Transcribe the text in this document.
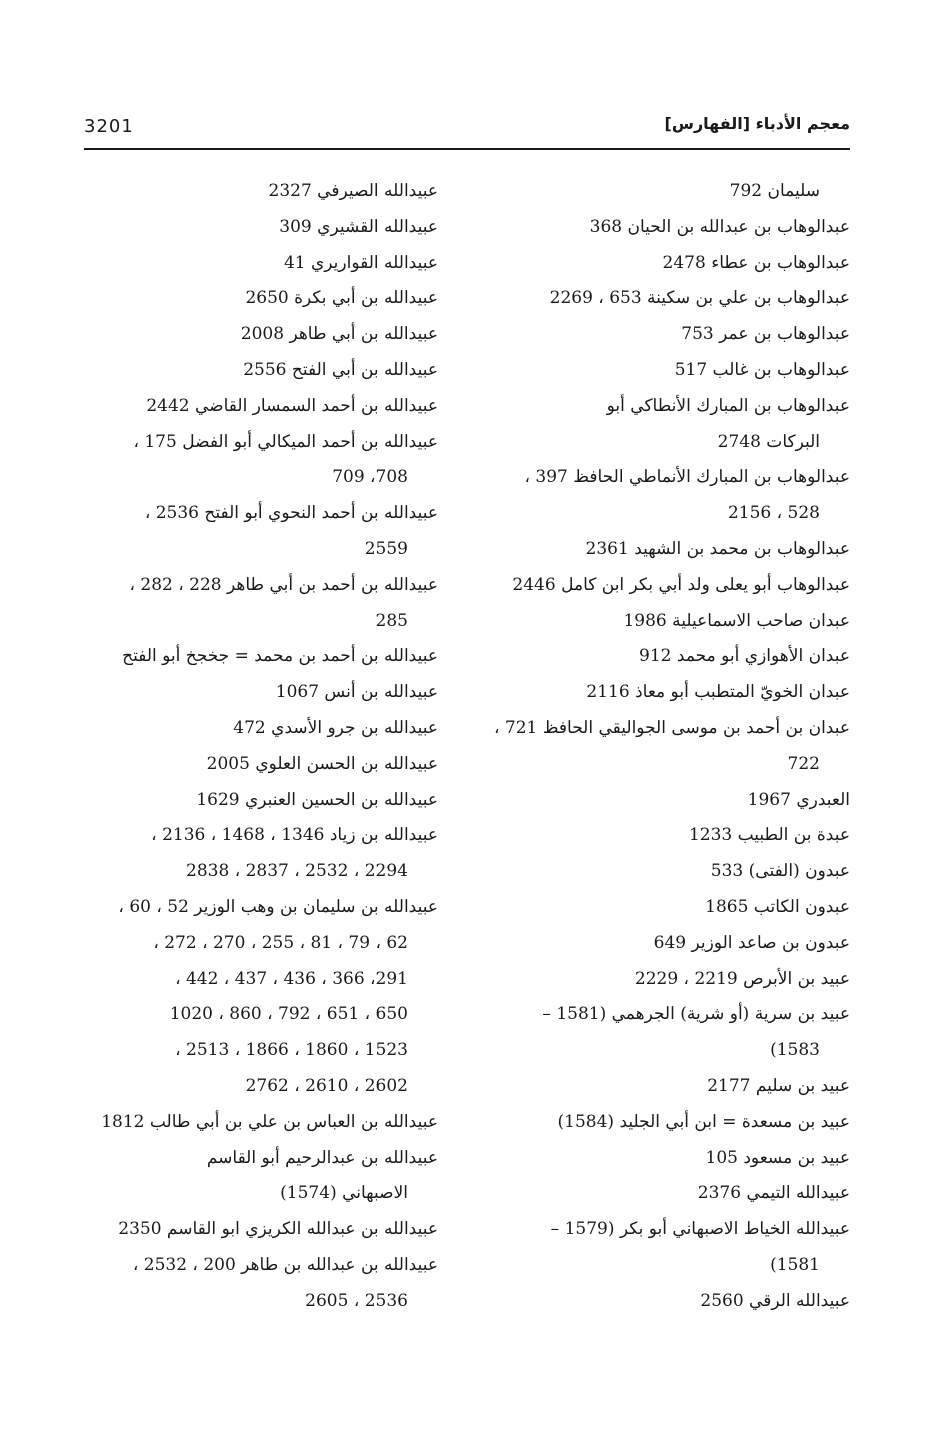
3201	معجم الأدباء [الفهارس]
سليمان 792
عبدالوهاب بن عبدالله بن الحيان 368
عبدالوهاب بن عطاء 2478
عبدالوهاب بن علي بن سكينة 653 ، 2269
عبدالوهاب بن عمر 753
عبدالوهاب بن غالب 517
عبدالوهاب بن المبارك الأنطاكي أبو
البركات 2748
عبدالوهاب بن المبارك الأنماطي الحافظ 397 ،
528 ، 2156
عبدالوهاب بن محمد بن الشهيد 2361
عبدالوهاب أبو يعلى ولد أبي بكر ابن كامل 2446
عبدان صاحب الاسماعيلية 1986
عبدان الأهوازي أبو محمد 912
عبدان الخويّ المتطبب أبو معاذ 2116
عبدان بن أحمد بن موسى الجواليقي الحافظ 721 ،
722
العبدري 1967
عبدة بن الطبيب 1233
عبدون (الفتى) 533
عبدون الكاتب 1865
عبدون بن صاعد الوزير 649
عبيد بن الأبرص 2219 ، 2229
عبيد بن سرية (أو شرية) الجرهمي (1581 –
1583)
عبيد بن سليم 2177
عبيد بن مسعدة = ابن أبي الجليد (1584)
عبيد بن مسعود 105
عبيدالله التيمي 2376
عبيدالله الخياط الاصبهاني أبو بكر (1579 –
1581)
عبيدالله الرقي 2560
عبيدالله الصيرفي 2327
عبيدالله القشيري 309
عبيدالله القواريري 41
عبيدالله بن أبي بكرة 2650
عبيدالله بن أبي طاهر 2008
عبيدالله بن أبي الفتح 2556
عبيدالله بن أحمد السمسار القاضي 2442
عبيدالله بن أحمد الميكالي أبو الفضل 175 ،
708، 709
عبيدالله بن أحمد النحوي أبو الفتح 2536 ،
2559
عبيدالله بن أحمد بن أبي طاهر 228 ، 282 ،
285
عبيدالله بن أحمد بن محمد = جخجخ أبو الفتح
عبيدالله بن أنس 1067
عبيدالله بن جرو الأسدي 472
عبيدالله بن الحسن العلوي 2005
عبيدالله بن الحسين العنبري 1629
عبيدالله بن زياد 1346 ، 1468 ، 2136 ،
2294 ، 2532 ، 2837 ، 2838
عبيدالله بن سليمان بن وهب الوزير 52 ، 60 ،
62 ، 79 ، 81 ، 255 ، 270 ، 272 ،
291، 366 ، 436 ، 437 ، 442 ،
650 ، 651 ، 792 ، 860 ، 1020
1523 ، 1860 ، 1866 ، 2513 ،
2602 ، 2610 ، 2762
عبيدالله بن العباس بن علي بن أبي طالب 1812
عبيدالله بن عبدالرحيم أبو القاسم
الاصبهاني (1574)
عبيدالله بن عبدالله الكريزي ابو القاسم 2350
عبيدالله بن عبدالله بن طاهر 200 ، 2532 ،
2536 ، 2605
